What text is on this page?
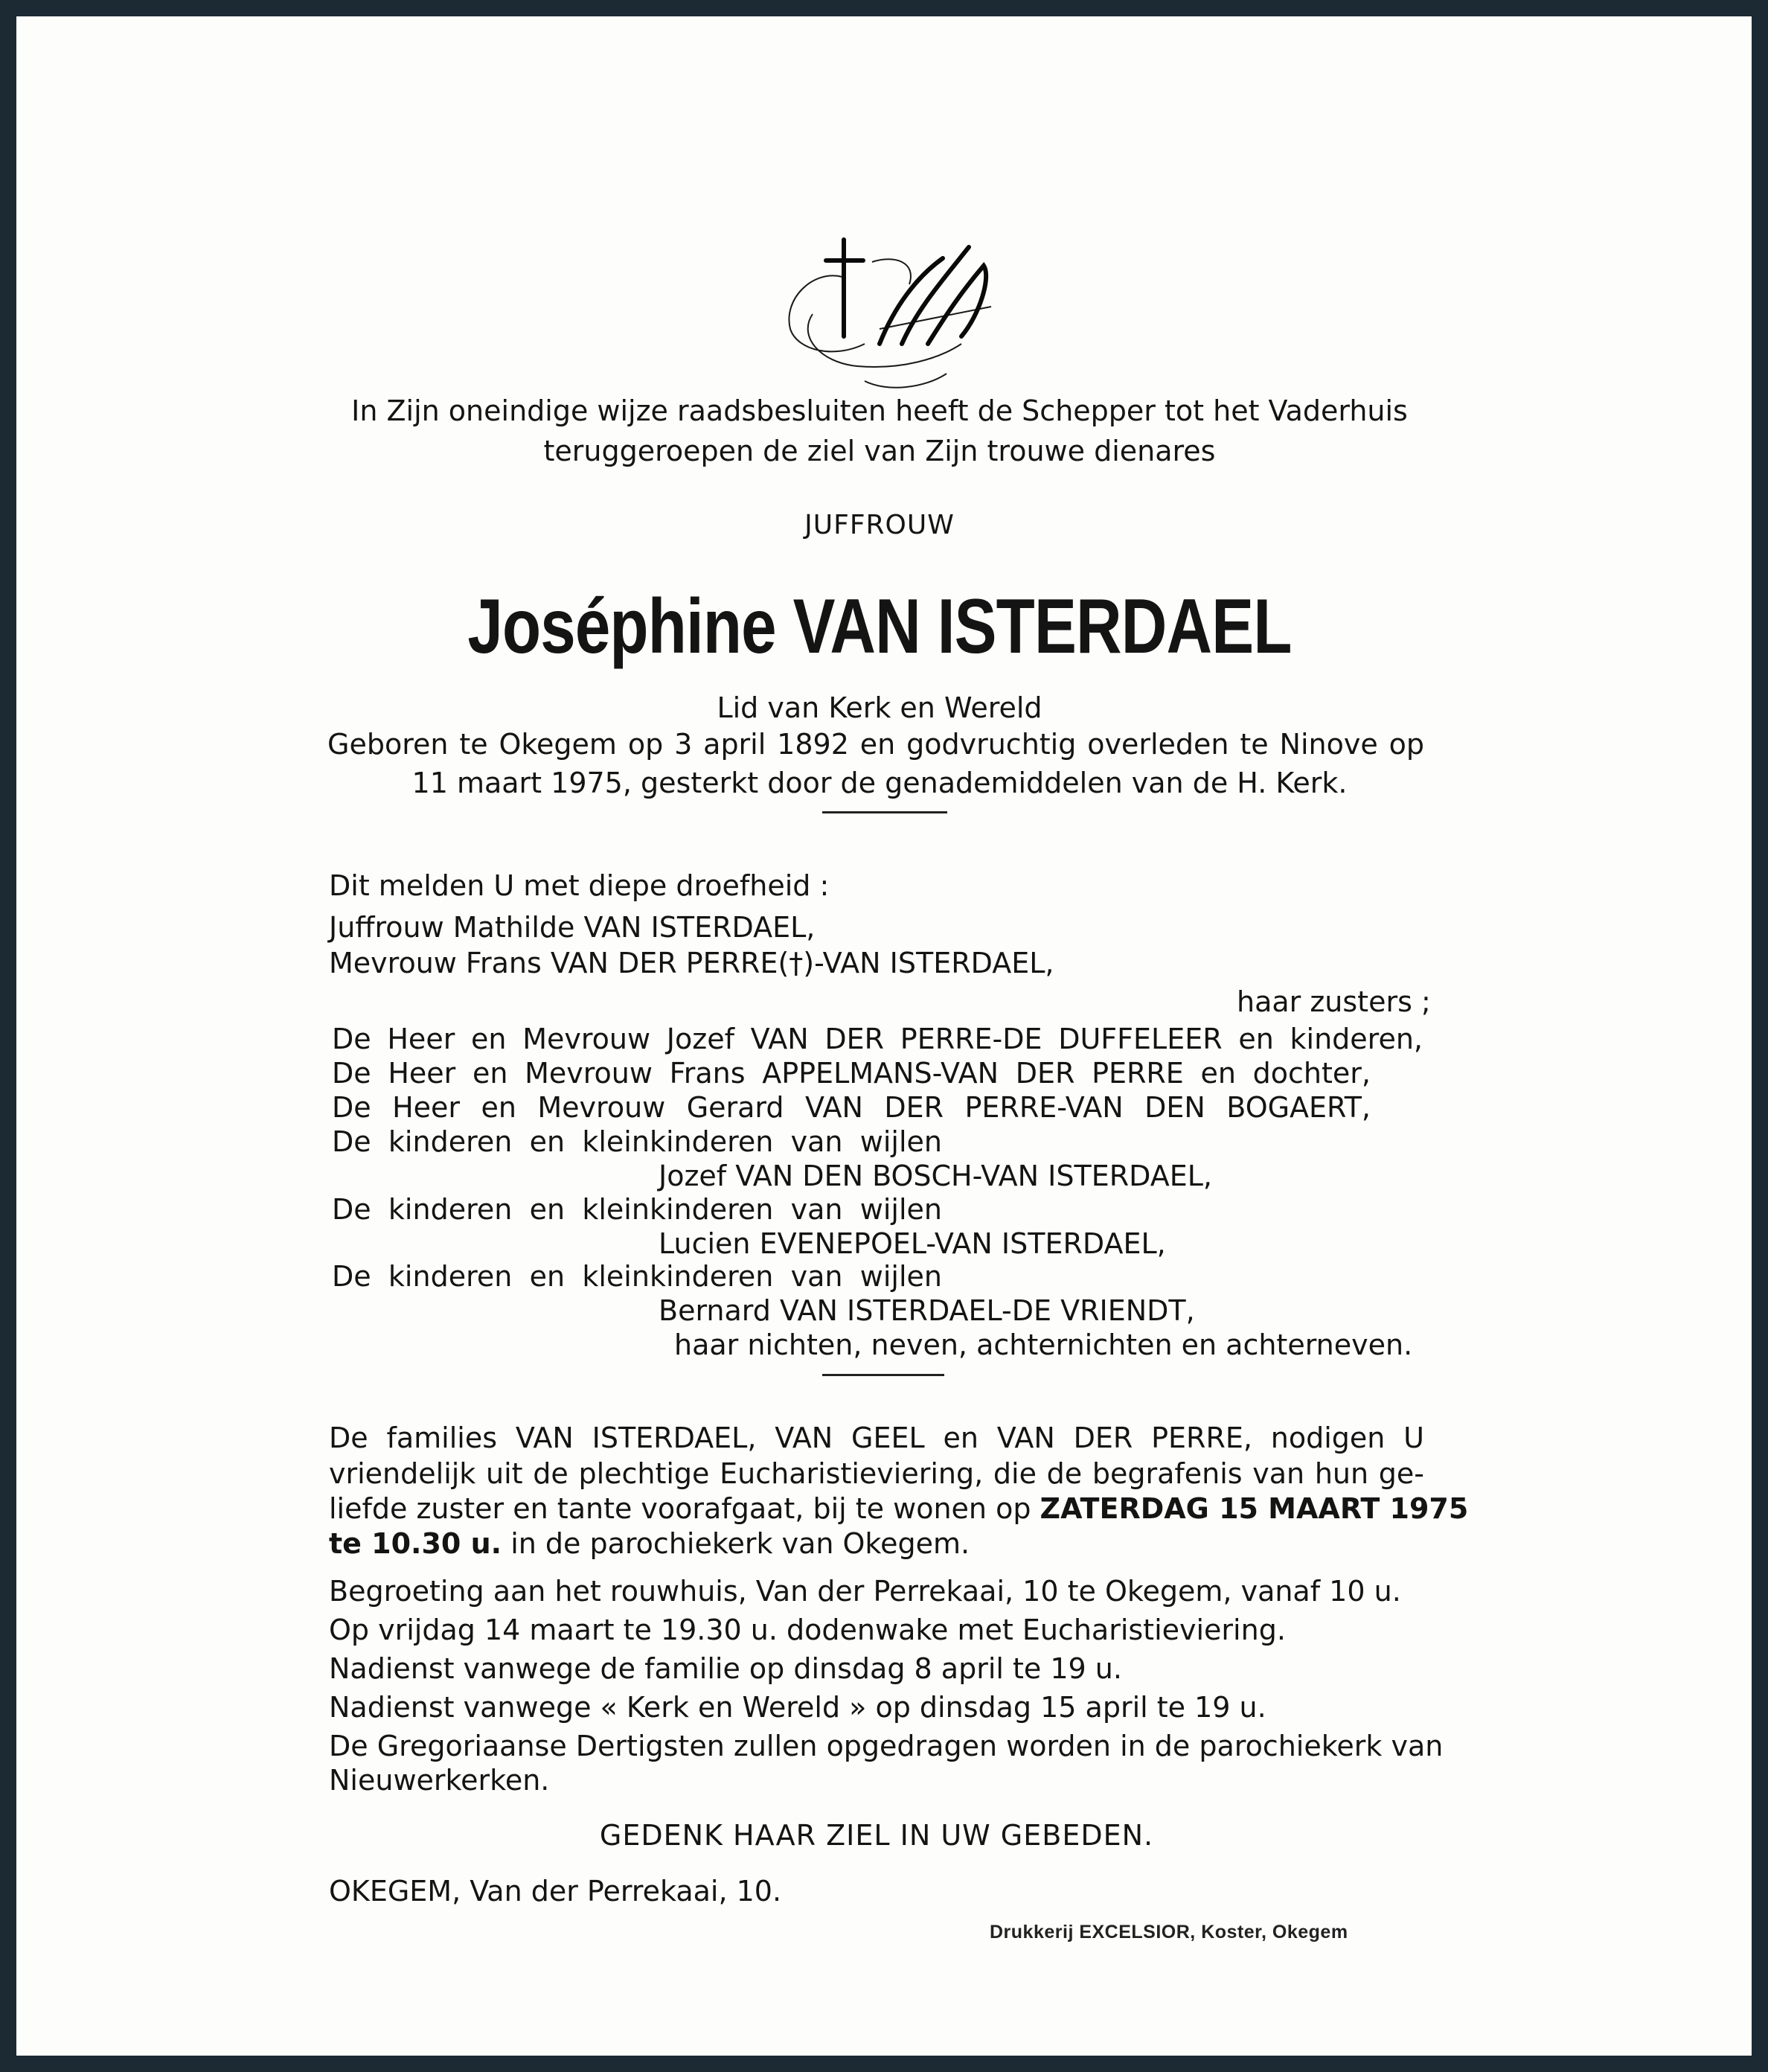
In Zijn oneindige wijze raadsbesluiten heeft de Schepper tot het Vaderhuis

teruggeroepen de ziel van Zijn trouwe dienares

JUFFROUW

Joséphine VAN ISTERDAEL

Lid van Kerk en Wereld

Geboren te Okegem op 3 april 1892 en godvruchtig overleden te Ninove op

11 maart 1975, gesterkt door de genademiddelen van de H. Kerk.

Dit melden U met diepe droefheid :

Juffrouw Mathilde VAN ISTERDAEL,

Mevrouw Frans VAN DER PERRE(†)-VAN ISTERDAEL,

haar zusters ;

De Heer en Mevrouw Jozef VAN DER PERRE-DE DUFFELEER en kinderen,

De Heer en Mevrouw Frans APPELMANS-VAN DER PERRE en dochter,

De Heer en Mevrouw Gerard VAN DER PERRE-VAN DEN BOGAERT,

De kinderen en kleinkinderen van wijlen

Jozef VAN DEN BOSCH-VAN ISTERDAEL,

De kinderen en kleinkinderen van wijlen

Lucien EVENEPOEL-VAN ISTERDAEL,

De kinderen en kleinkinderen van wijlen

Bernard VAN ISTERDAEL-DE VRIENDT,

haar nichten, neven, achternichten en achterneven.

De families VAN ISTERDAEL, VAN GEEL en VAN DER PERRE, nodigen U

vriendelijk uit de plechtige Eucharistieviering, die de begrafenis van hun ge-

liefde zuster en tante voorafgaat, bij te wonen op ZATERDAG 15 MAART 1975

te 10.30 u. in de parochiekerk van Okegem.

Begroeting aan het rouwhuis, Van der Perrekaai, 10 te Okegem, vanaf 10 u.

Op vrijdag 14 maart te 19.30 u. dodenwake met Eucharistieviering.

Nadienst vanwege de familie op dinsdag 8 april te 19 u.

Nadienst vanwege « Kerk en Wereld » op dinsdag 15 april te 19 u.

De Gregoriaanse Dertigsten zullen opgedragen worden in de parochiekerk van

Nieuwerkerken.

GEDENK HAAR ZIEL IN UW GEBEDEN.

OKEGEM, Van der Perrekaai, 10.

Drukkerij EXCELSIOR, Koster, Okegem
